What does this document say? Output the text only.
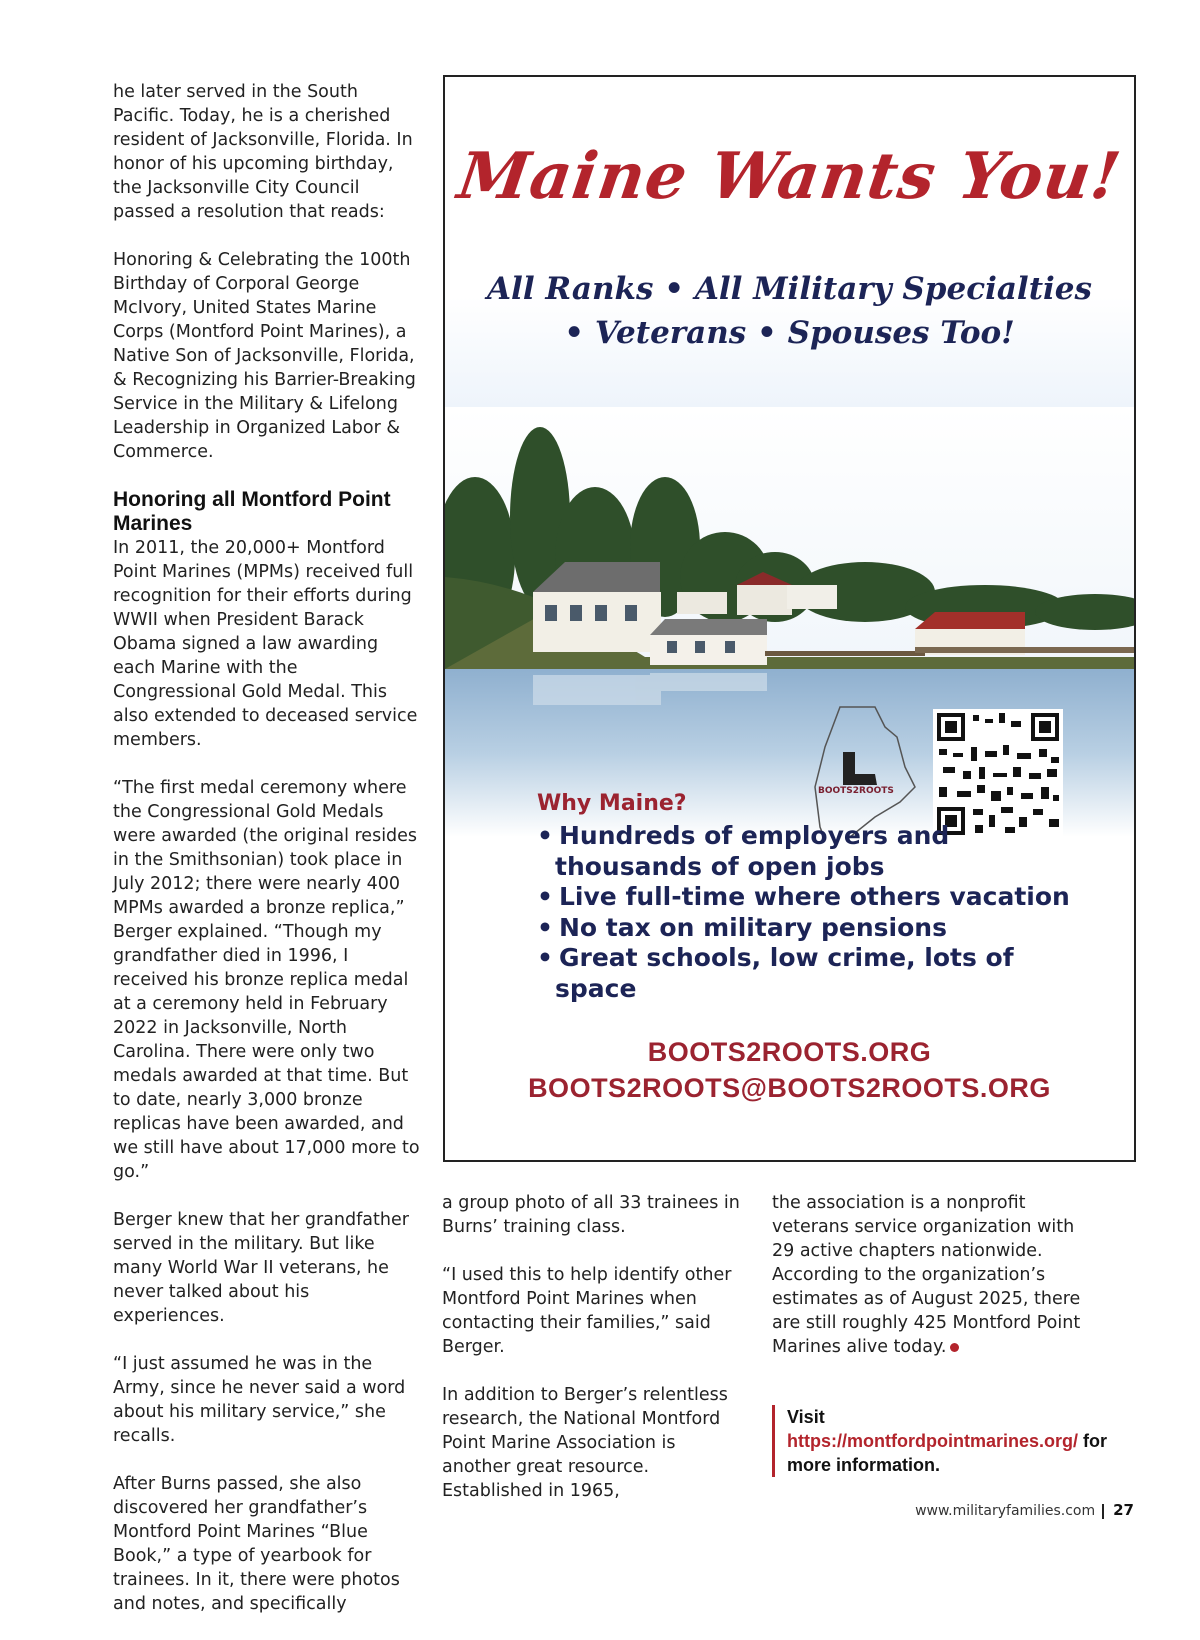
he later served in the South Pacific. Today, he is a cherished resident of Jacksonville, Florida. In honor of his upcoming birthday, the Jacksonville City Council passed a resolution that reads:

Honoring & Celebrating the 100th Birthday of Corporal George McIvory, United States Marine Corps (Montford Point Marines), a Native Son of Jacksonville, Florida, & Recognizing his Barrier-Breaking Service in the Military & Lifelong Leadership in Organized Labor & Commerce.

Honoring all Montford Point Marines

In 2011, the 20,000+ Montford Point Marines (MPMs) received full recognition for their efforts during WWII when President Barack Obama signed a law awarding each Marine with the Congressional Gold Medal. This also extended to deceased service members.

“The first medal ceremony where the Congressional Gold Medals were awarded (the original resides in the Smithsonian) took place in July 2012; there were nearly 400 MPMs awarded a bronze replica,” Berger explained. “Though my grandfather died in 1996, I received his bronze replica medal at a ceremony held in February 2022 in Jacksonville, North Carolina. There were only two medals awarded at that time. But to date, nearly 3,000 bronze replicas have been awarded, and we still have about 17,000 more to go.”

Berger knew that her grandfather served in the military. But like many World War II veterans, he never talked about his experiences.

“I just assumed he was in the Army, since he never said a word about his military service,” she recalls.

After Burns passed, she also discovered her grandfather’s Montford Point Marines “Blue Book,” a type of yearbook for trainees. In it, there were photos and notes, and specifically

Maine Wants You!
All Ranks • All Military Specialties
• Veterans • Spouses Too!
BOOTS2ROOTS
Why Maine?
• Hundreds of employers and thousands of open jobs
• Live full-time where others vacation
• No tax on military pensions
• Great schools, low crime, lots of space
BOOTS2ROOTS.ORG
BOOTS2ROOTS@BOOTS2ROOTS.ORG

a group photo of all 33 trainees in Burns’ training class.

“I used this to help identify other Montford Point Marines when contacting their families,” said Berger.

In addition to Berger’s relentless research, the National Montford Point Marine Association is another great resource. Established in 1965,

the association is a nonprofit veterans service organization with 29 active chapters nationwide. According to the organization’s estimates as of August 2025, there are still roughly 425 Montford Point Marines alive today.

Visit https://montfordpointmarines.org/ for more information.
www.militaryfamilies.com 27
